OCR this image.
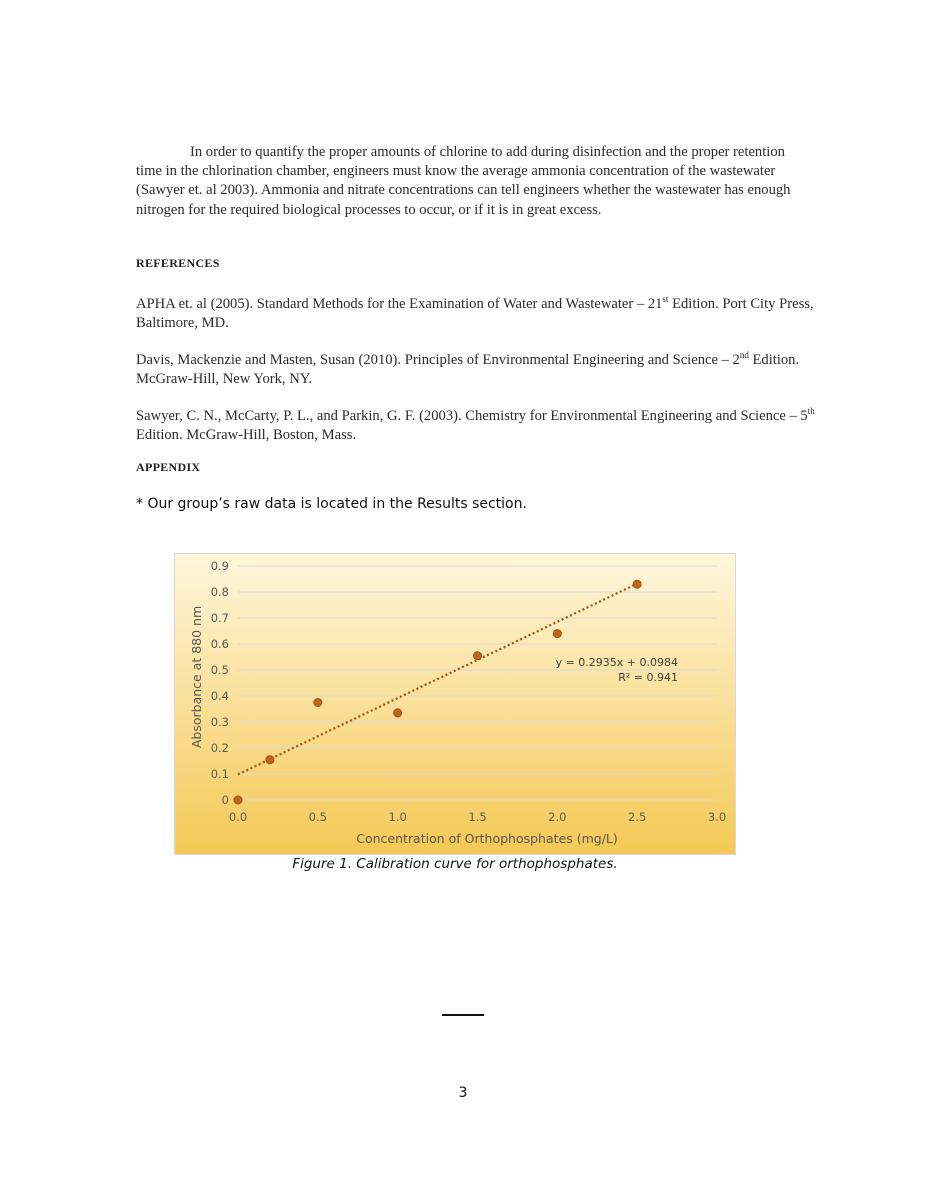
In order to quantify the proper amounts of chlorine to add during disinfection and the proper retention time in the chlorination chamber, engineers must know the average ammonia concentration of the wastewater (Sawyer et. al 2003). Ammonia and nitrate concentrations can tell engineers whether the wastewater has enough nitrogen for the required biological processes to occur, or if it is in great excess.
REFERENCES
APHA et. al (2005). Standard Methods for the Examination of Water and Wastewater – 21st Edition. Port City Press, Baltimore, MD.
Davis, Mackenzie and Masten, Susan (2010). Principles of Environmental Engineering and Science – 2nd Edition. McGraw-Hill, New York, NY.
Sawyer, C. N., McCarty, P. L., and Parkin, G. F. (2003). Chemistry for Environmental Engineering and Science – 5th Edition. McGraw-Hill, Boston, Mass.
APPENDIX
* Our group’s raw data is located in the Results section.
0
0.1
0.2
0.3
0.4
0.5
0.6
0.7
0.8
0.9
0.0	0.5	1.0	1.5	2.0	2.5	3.0
y = 0.2935x + 0.0984
R² = 0.941
Concentration of Orthophosphates (mg/L)
Absorbance at 880 nm
Figure 1. Calibration curve for orthophosphates.
3
